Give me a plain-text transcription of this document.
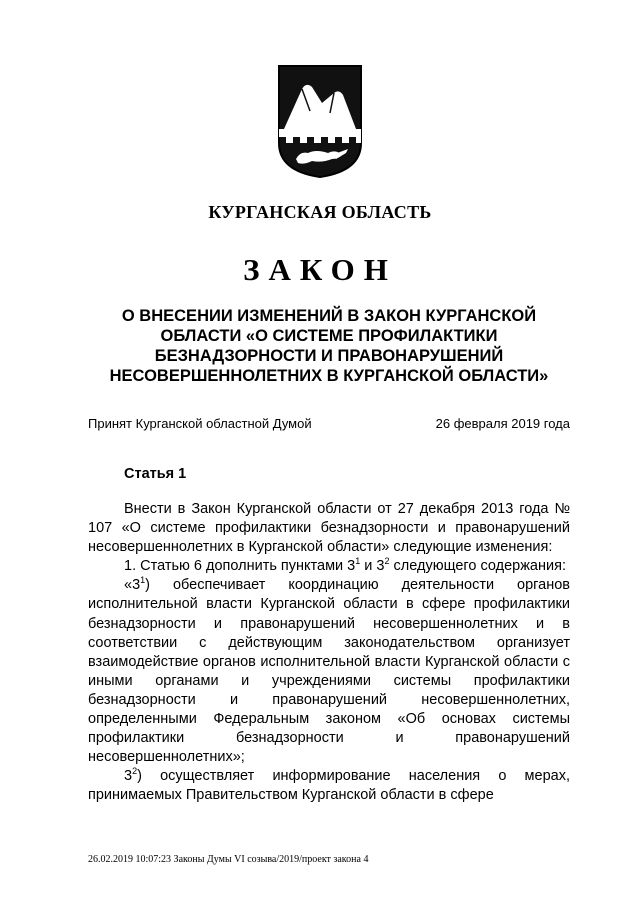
КУРГАНСКАЯ ОБЛАСТЬ
ЗАКОН
О ВНЕСЕНИИ ИЗМЕНЕНИЙ В ЗАКОН КУРГАНСКОЙ ОБЛАСТИ «О СИСТЕМЕ ПРОФИЛАКТИКИ БЕЗНАДЗОРНОСТИ И ПРАВОНАРУШЕНИЙ НЕСОВЕРШЕННОЛЕТНИХ В КУРГАНСКОЙ ОБЛАСТИ»
Принят Курганской областной Думой	26 февраля 2019 года
Статья 1

Внести в Закон Курганской области от 27 декабря 2013 года № 107 «О системе профилактики безнадзорности и правонарушений несовершеннолетних в Курганской области» следующие изменения:

1. Статью 6 дополнить пунктами $3^1$ и $3^2$ следующего содержания:

«$3^1$) обеспечивает координацию деятельности органов исполнительной власти Курганской области в сфере профилактики безнадзорности и правонарушений несовершеннолетних и в соответствии с действующим законодательством организует взаимодействие органов исполнительной власти Курганской области с иными органами и учреждениями системы профилактики безнадзорности и правонарушений несовершеннолетних, определенными Федеральным законом «Об основах системы профилактики безнадзорности и правонарушений несовершеннолетних»;

$3^2$) осуществляет информирование населения о мерах, принимаемых Правительством Курганской области в сфере

26.02.2019 10:07:23 Законы Думы VI созыва/2019/проект закона 4
